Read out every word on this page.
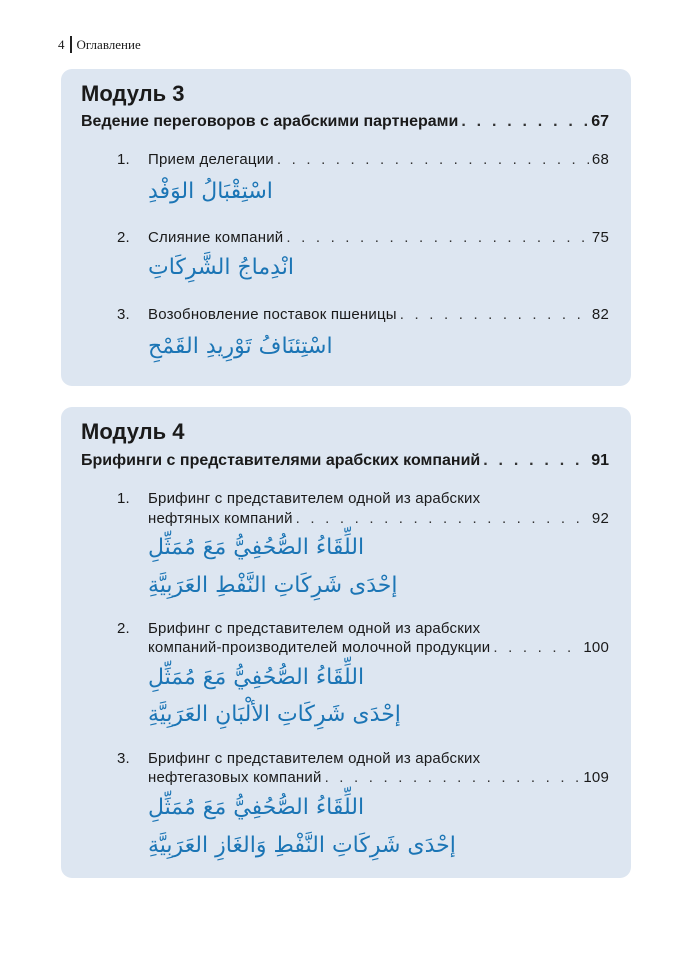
4 Оглавление
Модуль 3
Ведение переговоров с арабскими партнерами . . .	67
1.	Прием делегации . . .	68
اسْتِقْبَالُ الوَفْدِ
2.	Слияние компаний . . .	75
انْدِماجُ الشَّرِكَاتِ
3.	Возобновление поставок пшеницы . . .	82
اسْتِئنَافُ تَوْرِيدِ القَمْحِ
Модуль 4
Брифинги с представителями арабских компаний . . .	91
1.	Брифинг с представителем одной из арабских
нефтяных компаний . . .	92
اللِّقَاءُ الصُّحُفِيُّ مَعَ مُمَثِّلِ
إحْدَى شَرِكَاتِ النَّفْطِ العَرَبِيَّةِ
2.	Брифинг с представителем одной из арабских
компаний-производителей молочной продукции . . .	100
اللِّقَاءُ الصُّحُفِيُّ مَعَ مُمَثِّلِ
إحْدَى شَرِكَاتِ الألْبَانِ العَرَبِيَّةِ
3.	Брифинг с представителем одной из арабских
нефтегазовых компаний . . .	109
اللِّقَاءُ الصُّحُفِيُّ مَعَ مُمَثِّلِ
إحْدَى شَرِكَاتِ النَّفْطِ وَالغَازِ العَرَبِيَّةِ
